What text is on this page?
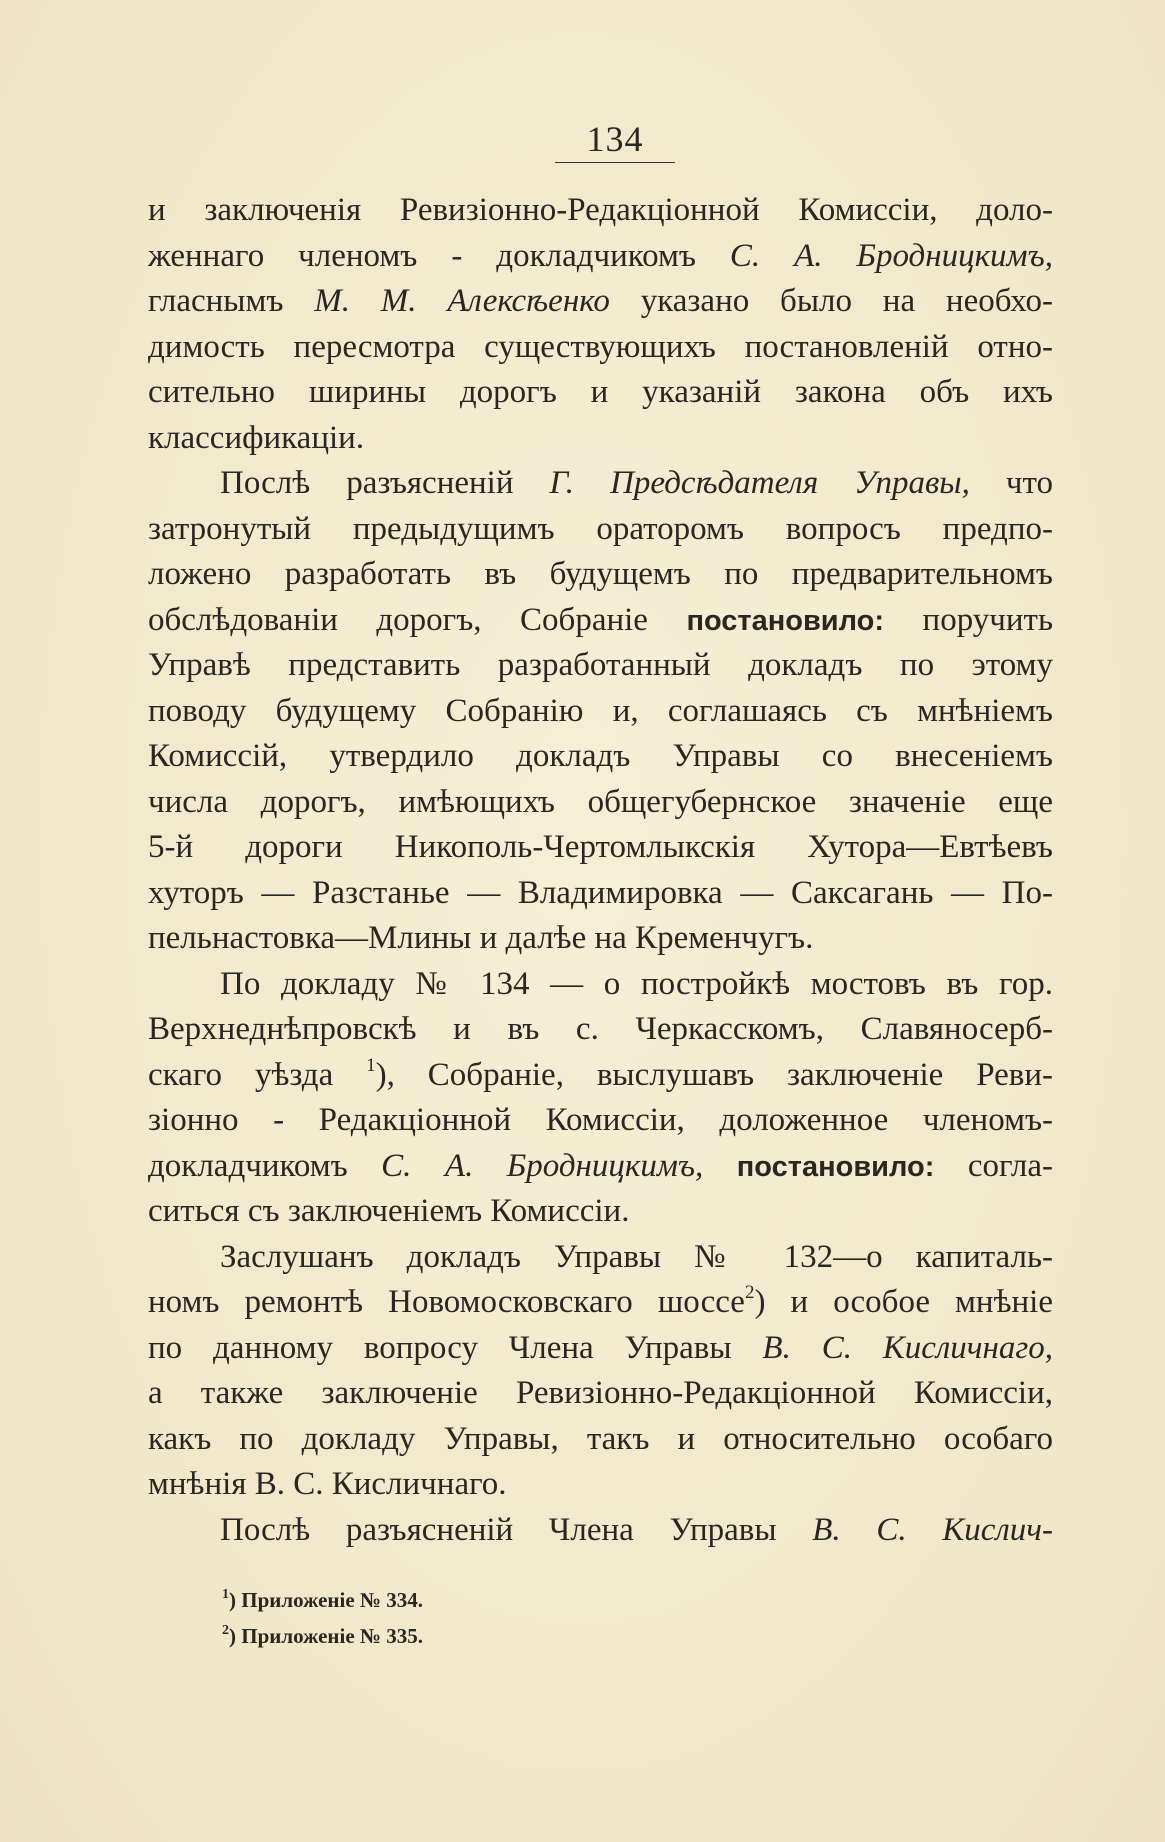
134
и заключенія Ревизіонно-Редакціонной Комиссіи, доло-
женнаго членомъ - докладчикомъ С. А. Бродницкимъ,
гласнымъ М. М. Алексѣенко указано было на необхо-
димость пересмотра существующихъ постановленій отно-
сительно ширины дорогъ и указаній закона объ ихъ
классификаціи.
Послѣ разъясненій Г. Предсѣдателя Управы, что
затронутый предыдущимъ ораторомъ вопросъ предпо-
ложено разработать въ будущемъ по предварительномъ
обслѣдованіи дорогъ, Собраніе постановило: поручить
Управѣ представить разработанный докладъ по этому
поводу будущему Собранію и, соглашаясь съ мнѣніемъ
Комиссій, утвердило докладъ Управы со внесеніемъ
числа дорогъ, имѣющихъ общегубернское значеніе еще
5-й дороги Никополь-Чертомлыкскія Хутора—Евтѣевъ
хуторъ — Разстанье — Владимировка — Саксагань — По-
пельнастовка—Млины и далѣе на Кременчугъ.
По докладу № 134 — о постройкѣ мостовъ въ гор.
Верхнеднѣпровскѣ и въ с. Черкасскомъ, Славяносерб-
скаго уѣзда $^1$), Собраніе, выслушавъ заключеніе Реви-
зіонно - Редакціонной Комиссіи, доложенное членомъ-
докладчикомъ С. А. Бродницкимъ, постановило: согла-
ситься съ заключеніемъ Комиссіи.
Заслушанъ докладъ Управы № 132—о капиталь-
номъ ремонтѣ Новомосковскаго шоссе$^2$) и особое мнѣніе
по данному вопросу Члена Управы В. С. Кисличнаго,
а также заключеніе Ревизіонно-Редакціонной Комиссіи,
какъ по докладу Управы, такъ и относительно особаго
мнѣнія В. С. Кисличнаго.
Послѣ разъясненій Члена Управы В. С. Кислич-
$^1$) Приложеніе № 334.
$^2$) Приложеніе № 335.
